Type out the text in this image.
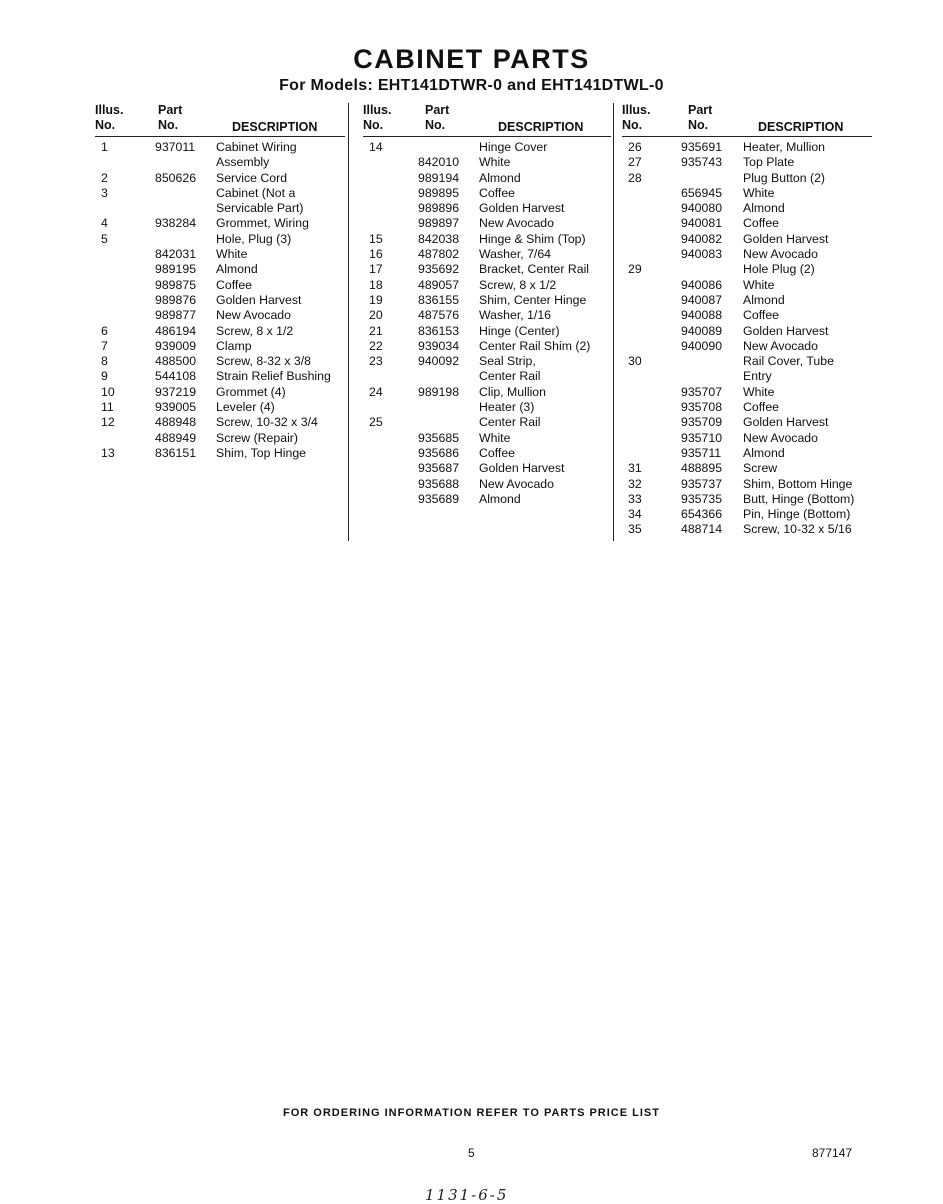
CABINET PARTS
For Models: EHT141DTWR-0 and EHT141DTWL-0
Illus.
No.
Part
No.	DESCRIPTION
1	937011 Cabinet Wiring
Assembly
2	850626 Service Cord
3	Cabinet (Not a
Servicable Part)
4	938284 Grommet, Wiring
5	Hole, Plug (3)
842031 White
989195 Almond
989875 Coffee
989876 Golden Harvest
989877 New Avocado
6	486194 Screw, 8 x 1/2
7	939009 Clamp
8	488500 Screw, 8-32 x 3/8
9	544108 Strain Relief Bushing
10	937219 Grommet (4)
11	939005 Leveler (4)
12	488948 Screw, 10-32 x 3/4
488949 Screw (Repair)
13	836151 Shim, Top Hinge
Illus.
No.
Part
No.	DESCRIPTION
14	Hinge Cover
842010 White
989194 Almond
989895 Coffee
989896 Golden Harvest
989897 New Avocado
15	842038 Hinge & Shim (Top)
16	487802 Washer, 7/64
17	935692 Bracket, Center Rail
18	489057 Screw, 8 x 1/2
19	836155 Shim, Center Hinge
20	487576 Washer, 1/16
21	836153 Hinge (Center)
22	939034 Center Rail Shim (2)
23	940092 Seal Strip,
Center Rail
24	989198 Clip, Mullion
Heater (3)
25	Center Rail
935685 White
935686 Coffee
935687 Golden Harvest
935688 New Avocado
935689 Almond
Illus.
No.
Part
No.	DESCRIPTION
26	935691 Heater, Mullion
27	935743 Top Plate
28	Plug Button (2)
656945 White
940080 Almond
940081 Coffee
940082 Golden Harvest
940083 New Avocado
29	Hole Plug (2)
940086 White
940087 Almond
940088 Coffee
940089 Golden Harvest
940090 New Avocado
30	Rail Cover, Tube
Entry
935707 White
935708 Coffee
935709 Golden Harvest
935710 New Avocado
935711 Almond
31	488895 Screw
32	935737 Shim, Bottom Hinge
33	935735 Butt, Hinge (Bottom)
34	654366 Pin, Hinge (Bottom)
35	488714 Screw, 10-32 x 5/16
FOR ORDERING INFORMATION REFER TO PARTS PRICE LIST
5	877147
1131-6-5
